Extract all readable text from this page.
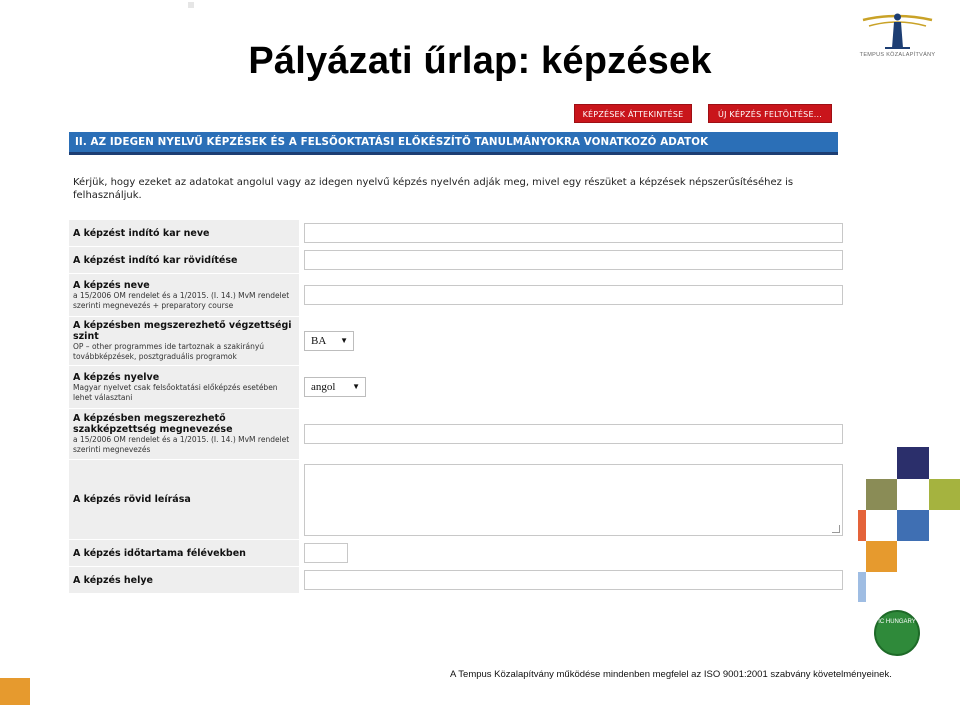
Pályázati űrlap: képzések	TEMPUS KÖZALAPÍTVÁNY
KÉPZÉSEK ÁTTEKINTÉSE	ÚJ KÉPZÉS FELTÖLTÉSE...
II. AZ IDEGEN NYELVŰ KÉPZÉSEK ÉS A FELSŐOKTATÁSI ELŐKÉSZÍTŐ TANULMÁNYOKRA VONATKOZÓ ADATOK
Kérjük, hogy ezeket az adatokat angolul vagy az idegen nyelvű képzés nyelvén adják meg, mivel egy részüket a képzések népszerűsítéséhez is felhasználjuk.
A képzést indító kar neve
A képzést indító kar rövidítése
A képzés neve
a 15/2006 OM rendelet és a 1/2015. (I. 14.) MvM rendelet szerinti megnevezés + preparatory course
A képzésben megszerezhető végzettségi szint
OP – other programmes ide tartoznak a szakirányú továbbképzések, posztgraduális programok
BA ▼
A képzés nyelve
Magyar nyelvet csak felsőoktatási előképzés esetében lehet választani
angol ▼
A képzésben megszerezhető szakképzettség megnevezése
a 15/2006 OM rendelet és a 1/2015. (I. 14.) MvM rendelet szerinti megnevezés
A képzés rövid leírása
A képzés időtartama félévekben
A képzés helye
IC HUNGARY
A Tempus Közalapítvány működése mindenben megfelel az ISO 9001:2001 szabvány követelményeinek.
